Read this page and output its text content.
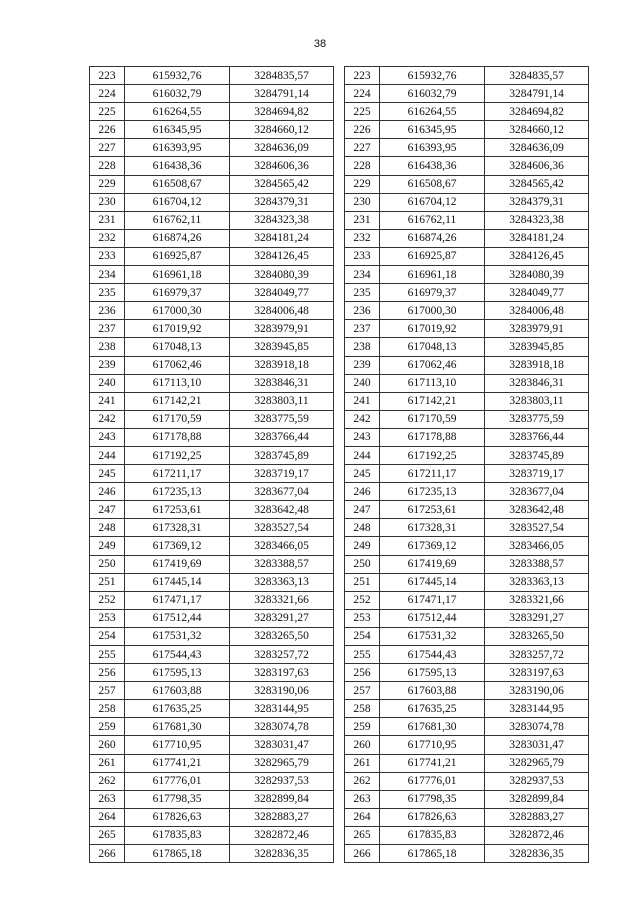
38
223	615932,76	3284835,57
224	616032,79	3284791,14
225	616264,55	3284694,82
226	616345,95	3284660,12
227	616393,95	3284636,09
228	616438,36	3284606,36
229	616508,67	3284565,42
230	616704,12	3284379,31
231	616762,11	3284323,38
232	616874,26	3284181,24
233	616925,87	3284126,45
234	616961,18	3284080,39
235	616979,37	3284049,77
236	617000,30	3284006,48
237	617019,92	3283979,91
238	617048,13	3283945,85
239	617062,46	3283918,18
240	617113,10	3283846,31
241	617142,21	3283803,11
242	617170,59	3283775,59
243	617178,88	3283766,44
244	617192,25	3283745,89
245	617211,17	3283719,17
246	617235,13	3283677,04
247	617253,61	3283642,48
248	617328,31	3283527,54
249	617369,12	3283466,05
250	617419,69	3283388,57
251	617445,14	3283363,13
252	617471,17	3283321,66
253	617512,44	3283291,27
254	617531,32	3283265,50
255	617544,43	3283257,72
256	617595,13	3283197,63
257	617603,88	3283190,06
258	617635,25	3283144,95
259	617681,30	3283074,78
260	617710,95	3283031,47
261	617741,21	3282965,79
262	617776,01	3282937,53
263	617798,35	3282899,84
264	617826,63	3282883,27
265	617835,83	3282872,46
266	617865,18	3282836,35
223	615932,76	3284835,57
224	616032,79	3284791,14
225	616264,55	3284694,82
226	616345,95	3284660,12
227	616393,95	3284636,09
228	616438,36	3284606,36
229	616508,67	3284565,42
230	616704,12	3284379,31
231	616762,11	3284323,38
232	616874,26	3284181,24
233	616925,87	3284126,45
234	616961,18	3284080,39
235	616979,37	3284049,77
236	617000,30	3284006,48
237	617019,92	3283979,91
238	617048,13	3283945,85
239	617062,46	3283918,18
240	617113,10	3283846,31
241	617142,21	3283803,11
242	617170,59	3283775,59
243	617178,88	3283766,44
244	617192,25	3283745,89
245	617211,17	3283719,17
246	617235,13	3283677,04
247	617253,61	3283642,48
248	617328,31	3283527,54
249	617369,12	3283466,05
250	617419,69	3283388,57
251	617445,14	3283363,13
252	617471,17	3283321,66
253	617512,44	3283291,27
254	617531,32	3283265,50
255	617544,43	3283257,72
256	617595,13	3283197,63
257	617603,88	3283190,06
258	617635,25	3283144,95
259	617681,30	3283074,78
260	617710,95	3283031,47
261	617741,21	3282965,79
262	617776,01	3282937,53
263	617798,35	3282899,84
264	617826,63	3282883,27
265	617835,83	3282872,46
266	617865,18	3282836,35
